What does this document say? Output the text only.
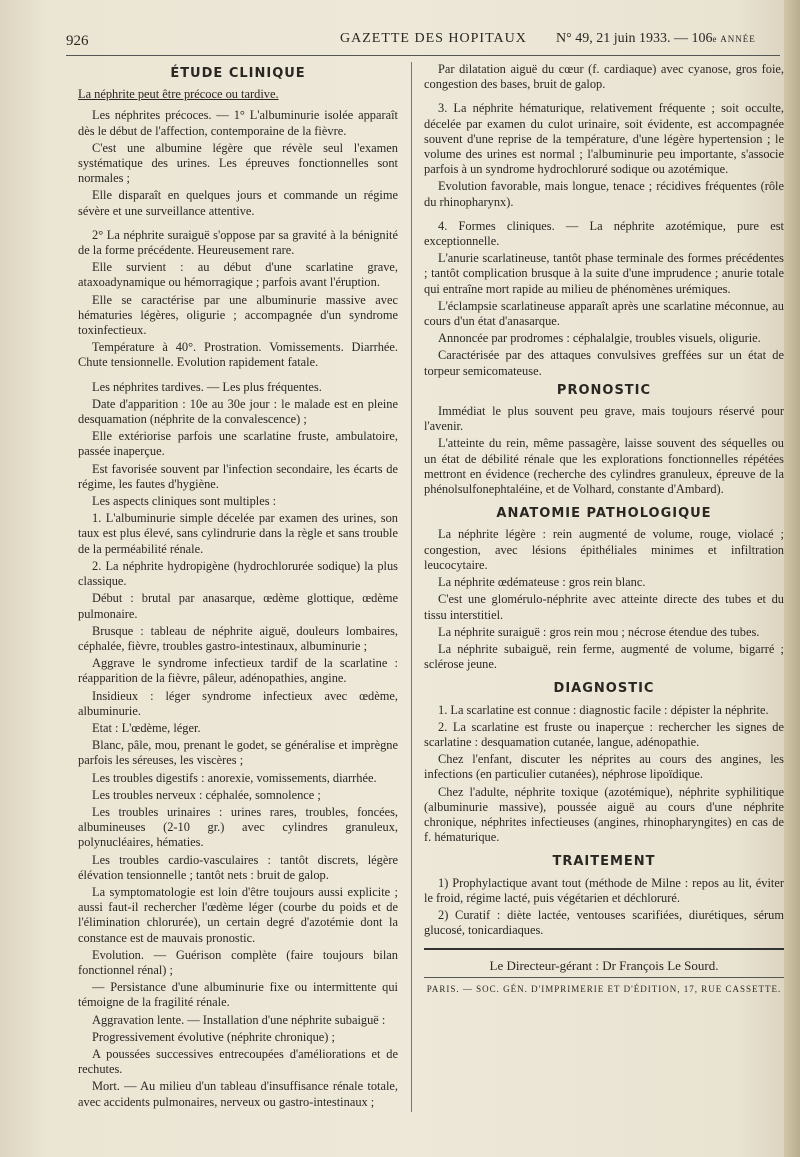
926	GAZETTE DES HOPITAUX N° 49, 21 juin 1933. — 106e ANNÉE
ÉTUDE CLINIQUE

La néphrite peut être précoce ou tardive.

Les néphrites précoces. — 1° L'albuminurie isolée apparaît dès le début de l'affection, contemporaine de la fièvre.

C'est une albumine légère que révèle seul l'examen systématique des urines. Les épreuves fonctionnelles sont normales ;

Elle disparaît en quelques jours et commande un régime sévère et une surveillance attentive.

2° La néphrite suraiguë s'oppose par sa gravité à la bénignité de la forme précédente. Heureusement rare.

Elle survient : au début d'une scarlatine grave, ataxoadynamique ou hémorragique ; parfois avant l'éruption.

Elle se caractérise par une albuminurie massive avec hématuries légères, oligurie ; accompagnée d'un syndrome toxinfectieux.

Température à 40°. Prostration. Vomissements. Diarrhée. Chute tensionnelle. Evolution rapidement fatale.

Les néphrites tardives. — Les plus fréquentes.

Date d'apparition : 10e au 30e jour : le malade est en pleine desquamation (néphrite de la convalescence) ;

Elle extériorise parfois une scarlatine fruste, ambulatoire, passée inaperçue.

Est favorisée souvent par l'infection secondaire, les écarts de régime, les fautes d'hygiène.

Les aspects cliniques sont multiples :

1. L'albuminurie simple décelée par examen des urines, son taux est plus élevé, sans cylindrurie dans la règle et sans trouble de la perméabilité rénale.

2. La néphrite hydropigène (hydrochlorurée sodique) la plus classique.

Début : brutal par anasarque, œdème glottique, œdème pulmonaire.

Brusque : tableau de néphrite aiguë, douleurs lombaires, céphalée, fièvre, troubles gastro-intestinaux, albuminurie ;

Aggrave le syndrome infectieux tardif de la scarlatine : réapparition de la fièvre, pâleur, adénopathies, angine.

Insidieux : léger syndrome infectieux avec œdème, albuminurie.

Etat : L'œdème, léger.

Blanc, pâle, mou, prenant le godet, se généralise et imprègne parfois les séreuses, les viscères ;

Les troubles digestifs : anorexie, vomissements, diarrhée.

Les troubles nerveux : céphalée, somnolence ;

Les troubles urinaires : urines rares, troubles, foncées, albumineuses (2-10 gr.) avec cylindres granuleux, polynucléaires, hématies.

Les troubles cardio-vasculaires : tantôt discrets, légère élévation tensionnelle ; tantôt nets : bruit de galop.

La symptomatologie est loin d'être toujours aussi explicite ; aussi faut-il rechercher l'œdème léger (courbe du poids et de l'élimination chlorurée), un certain degré d'azotémie dont la constance est de mauvais pronostic.

Evolution. — Guérison complète (faire toujours bilan fonctionnel rénal) ;

— Persistance d'une albuminurie fixe ou intermittente qui témoigne de la fragilité rénale.

Aggravation lente. — Installation d'une néphrite subaiguë :

Progressivement évolutive (néphrite chronique) ;

A poussées successives entrecoupées d'améliorations et de rechutes.

Mort. — Au milieu d'un tableau d'insuffisance rénale totale, avec accidents pulmonaires, nerveux ou gastro-intestinaux ;

Par dilatation aiguë du cœur (f. cardiaque) avec cyanose, gros foie, congestion des bases, bruit de galop.

3. La néphrite hématurique, relativement fréquente ; soit occulte, décelée par examen du culot urinaire, soit évidente, est accompagnée souvent d'une reprise de la température, d'une légère hypertension ; le volume des urines est normal ; l'albuminurie peu importante, s'associe parfois à un syndrome hydrochloruré sodique ou azotémique.

Evolution favorable, mais longue, tenace ; récidives fréquentes (rôle du rhinopharynx).

4. Formes cliniques. — La néphrite azotémique, pure est exceptionnelle.

L'anurie scarlatineuse, tantôt phase terminale des formes précédentes ; tantôt complication brusque à la suite d'une imprudence ; anurie totale qui entraîne mort rapide au milieu de phénomènes urémiques.

L'éclampsie scarlatineuse apparaît après une scarlatine méconnue, au cours d'un état d'anasarque.

Annoncée par prodromes : céphalalgie, troubles visuels, oligurie.

Caractérisée par des attaques convulsives greffées sur un état de torpeur semicomateuse.

PRONOSTIC

Immédiat le plus souvent peu grave, mais toujours réservé pour l'avenir.

L'atteinte du rein, même passagère, laisse souvent des séquelles ou un état de débilité rénale que les explorations fonctionnelles répétées mettront en évidence (recherche des cylindres granuleux, épreuve de la phénolsulfonephtaléine, et de Volhard, constante d'Ambard).

ANATOMIE PATHOLOGIQUE

La néphrite légère : rein augmenté de volume, rouge, violacé ; congestion, avec lésions épithéliales minimes et infiltration leucocytaire.

La néphrite œdémateuse : gros rein blanc.

C'est une glomérulo-néphrite avec atteinte directe des tubes et du tissu interstitiel.

La néphrite suraiguë : gros rein mou ; nécrose étendue des tubes.

La néphrite subaiguë, rein ferme, augmenté de volume, bigarré ; sclérose jeune.

DIAGNOSTIC

1. La scarlatine est connue : diagnostic facile : dépister la néphrite.

2. La scarlatine est fruste ou inaperçue : rechercher les signes de scarlatine : desquamation cutanée, langue, adénopathie.

Chez l'enfant, discuter les néprites au cours des angines, les infections (en particulier cutanées), néphrose lipoïdique.

Chez l'adulte, néphrite toxique (azotémique), néphrite syphilitique (albuminurie massive), poussée aiguë au cours d'une néphrite chronique, néphrites infectieuses (angines, rhinopharyngites) en cas de f. hématurique.

TRAITEMENT

1) Prophylactique avant tout (méthode de Milne : repos au lit, éviter le froid, régime lacté, puis végétarien et déchloruré.

2) Curatif : diète lactée, ventouses scarifiées, diurétiques, sérum glucosé, tonicardiaques.

Le Directeur-gérant : Dr François Le Sourd.
PARIS. — SOC. GÉN. D'IMPRIMERIE ET D'ÉDITION, 17, RUE CASSETTE.
